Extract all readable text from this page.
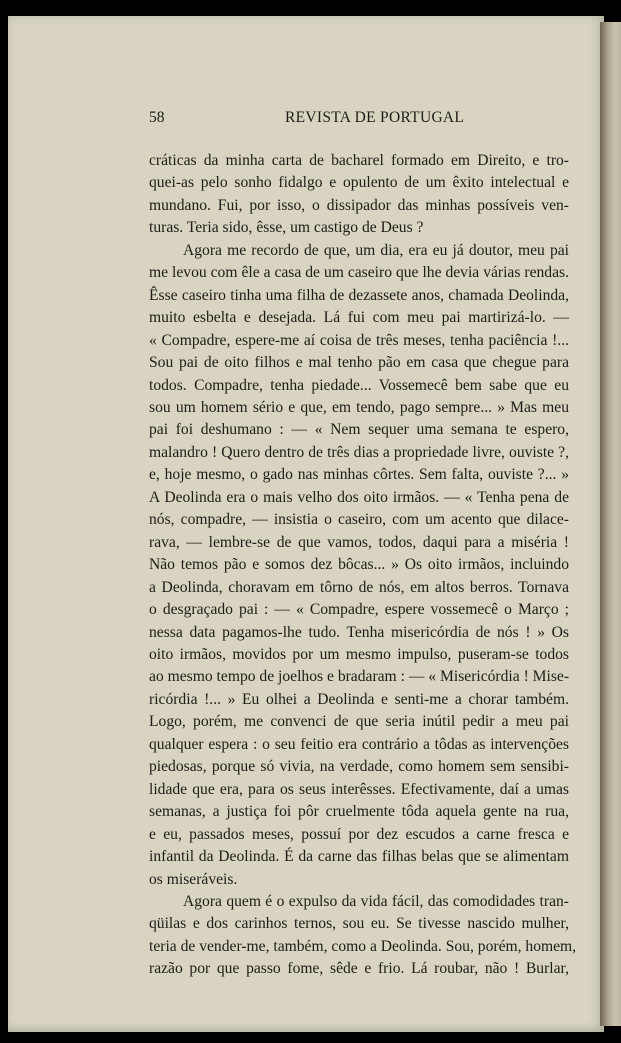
58	REVISTA DE PORTUGAL

cráticas da minha carta de bacharel formado em Direito, e tro-
quei-as pelo sonho fidalgo e opulento de um êxito intelectual e
mundano. Fui, por isso, o dissipador das minhas possíveis ven-
turas. Teria sido, êsse, um castigo de Deus ?

Agora me recordo de que, um dia, era eu já doutor, meu pai
me levou com êle a casa de um caseiro que lhe devia várias rendas.
Êsse caseiro tinha uma filha de dezassete anos, chamada Deolinda,
muito esbelta e desejada. Lá fui com meu pai martirizá-lo. —
« Compadre, espere-me aí coisa de três meses, tenha paciência !...
Sou pai de oito filhos e mal tenho pão em casa que chegue para
todos. Compadre, tenha piedade... Vossemecê bem sabe que eu
sou um homem sério e que, em tendo, pago sempre... » Mas meu
pai foi deshumano : — « Nem sequer uma semana te espero,
malandro ! Quero dentro de três dias a propriedade livre, ouviste ?,
e, hoje mesmo, o gado nas minhas côrtes. Sem falta, ouviste ?... »
A Deolinda era o mais velho dos oito irmãos. — « Tenha pena de
nós, compadre, — insistia o caseiro, com um acento que dilace-
rava, — lembre-se de que vamos, todos, daqui para a miséria !
Não temos pão e somos dez bôcas... » Os oito irmãos, incluindo
a Deolinda, choravam em tôrno de nós, em altos berros. Tornava
o desgraçado pai : — « Compadre, espere vossemecê o Março ;
nessa data pagamos-lhe tudo. Tenha misericórdia de nós ! » Os
oito irmãos, movidos por um mesmo impulso, puseram-se todos
ao mesmo tempo de joelhos e bradaram : — « Misericórdia ! Mise-
ricórdia !... » Eu olhei a Deolinda e senti-me a chorar também.
Logo, porém, me convenci de que seria inútil pedir a meu pai
qualquer espera : o seu feitio era contrário a tôdas as intervenções
piedosas, porque só vivia, na verdade, como homem sem sensibi-
lidade que era, para os seus interêsses. Efectivamente, daí a umas
semanas, a justiça foi pôr cruelmente tôda aquela gente na rua,
e eu, passados meses, possuí por dez escudos a carne fresca e
infantil da Deolinda. É da carne das filhas belas que se alimentam
os miseráveis.

Agora quem é o expulso da vida fácil, das comodidades tran-
qüilas e dos carinhos ternos, sou eu. Se tivesse nascido mulher,
teria de vender-me, também, como a Deolinda. Sou, porém, homem,
razão por que passo fome, sêde e frio. Lá roubar, não ! Burlar,
